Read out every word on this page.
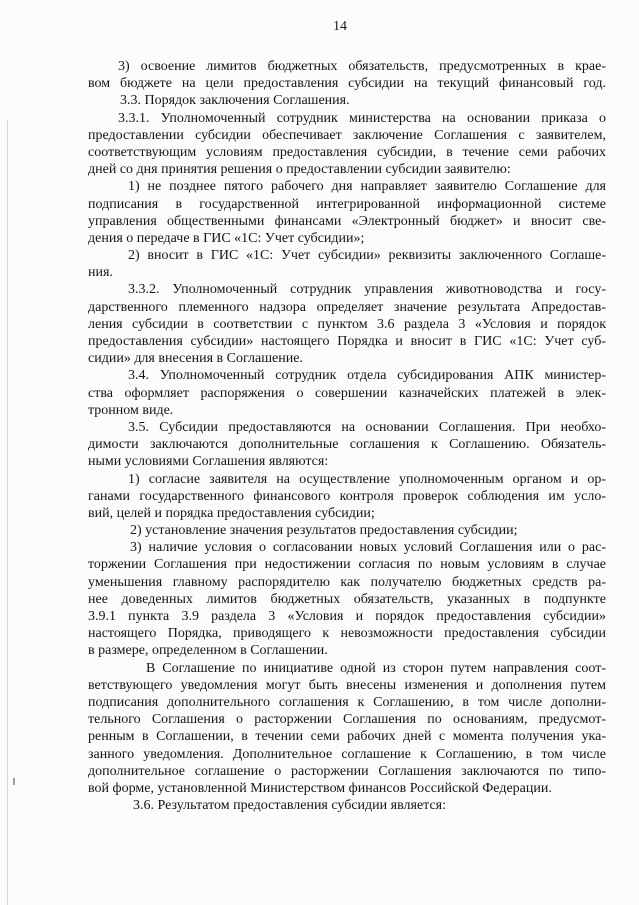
14
3) освоение лимитов бюджетных обязательств, предусмотренных в крае-
вом бюджете на цели предоставления субсидии на текущий финансовый год.
3.3. Порядок заключения Соглашения.
3.3.1. Уполномоченный сотрудник министерства на основании приказа о
предоставлении субсидии обеспечивает заключение Соглашения с заявителем,
соответствующим условиям предоставления субсидии, в течение семи рабочих
дней со дня принятия решения о предоставлении субсидии заявителю:
1) не позднее пятого рабочего дня направляет заявителю Соглашение для
подписания в государственной интегрированной информационной системе
управления общественными финансами «Электронный бюджет» и вносит све-
дения о передаче в ГИС «1С: Учет субсидии»;
2) вносит в ГИС «1С: Учет субсидии» реквизиты заключенного Соглаше-
ния.
3.3.2. Уполномоченный сотрудник управления животноводства и госу-
дарственного племенного надзора определяет значение результата Апредостав-
ления субсидии в соответствии с пунктом 3.6 раздела 3 «Условия и порядок
предоставления субсидии» настоящего Порядка и вносит в ГИС «1С: Учет суб-
сидии» для внесения в Соглашение.
3.4. Уполномоченный сотрудник отдела субсидирования АПК министер-
ства оформляет распоряжения о совершении казначейских платежей в элек-
тронном виде.
3.5. Субсидии предоставляются на основании Соглашения. При необхо-
димости заключаются дополнительные соглашения к Соглашению. Обязатель-
ными условиями Соглашения являются:
1) согласие заявителя на осуществление уполномоченным органом и ор-
ганами государственного финансового контроля проверок соблюдения им усло-
вий, целей и порядка предоставления субсидии;
2) установление значения результатов предоставления субсидии;
3) наличие условия о согласовании новых условий Соглашения или о рас-
торжении Соглашения при недостижении согласия по новым условиям в случае
уменьшения главному распорядителю как получателю бюджетных средств ра-
нее доведенных лимитов бюджетных обязательств, указанных в подпункте
3.9.1 пункта 3.9 раздела 3 «Условия и порядок предоставления субсидии»
настоящего Порядка, приводящего к невозможности предоставления субсидии
в размере, определенном в Соглашении.
В Соглашение по инициативе одной из сторон путем направления соот-
ветствующего уведомления могут быть внесены изменения и дополнения путем
подписания дополнительного соглашения к Соглашению, в том числе дополни-
тельного Соглашения о расторжении Соглашения по основаниям, предусмот-
ренным в Соглашении, в течении семи рабочих дней с момента получения ука-
занного уведомления. Дополнительное соглашение к Соглашению, в том числе
дополнительное соглашение о расторжении Соглашения заключаются по типо-
вой форме, установленной Министерством финансов Российской Федерации.
3.6. Результатом предоставления субсидии является:
